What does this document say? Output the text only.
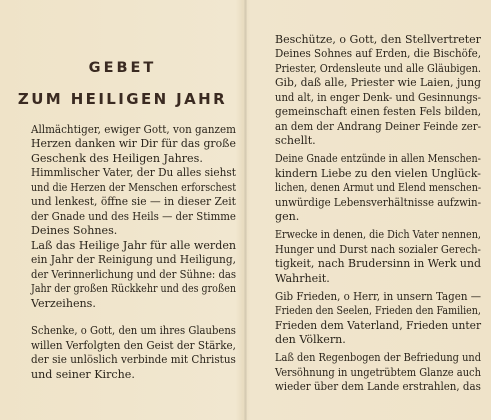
GEBET
ZUM HEILIGEN JAHR
Allmächtiger, ewiger Gott, von ganzem
Herzen danken wir Dir für das große
Geschenk des Heiligen Jahres.
Himmlischer Vater, der Du alles siehst
und die Herzen der Menschen erforschest
und lenkest, öffne sie — in dieser Zeit
der Gnade und des Heils — der Stimme
Deines Sohnes.
Laß das Heilige Jahr für alle werden
ein Jahr der Reinigung und Heiligung,
der Verinnerlichung und der Sühne: das
Jahr der großen Rückkehr und des großen
Verzeihens.
Schenke, o Gott, den um ihres Glaubens
willen Verfolgten den Geist der Stärke,
der sie unlöslich verbinde mit Christus
und seiner Kirche.
Beschütze, o Gott, den Stellvertreter
Deines Sohnes auf Erden, die Bischöfe,
Priester, Ordensleute und alle Gläubigen.
Gib, daß alle, Priester wie Laien, jung
und alt, in enger Denk- und Gesinnungs-
gemeinschaft einen festen Fels bilden,
an dem der Andrang Deiner Feinde zer-
schellt.
Deine Gnade entzünde in allen Menschen-
kindern Liebe zu den vielen Unglück-
lichen, denen Armut und Elend menschen-
unwürdige Lebensverhältnisse aufzwin-
gen.
Erwecke in denen, die Dich Vater nennen,
Hunger und Durst nach sozialer Gerech-
tigkeit, nach Brudersinn in Werk und
Wahrheit.
Gib Frieden, o Herr, in unsern Tagen —
Frieden den Seelen, Frieden den Familien,
Frieden dem Vaterland, Frieden unter
den Völkern.
Laß den Regenbogen der Befriedung und
Versöhnung in ungetrübtem Glanze auch
wieder über dem Lande erstrahlen, das
